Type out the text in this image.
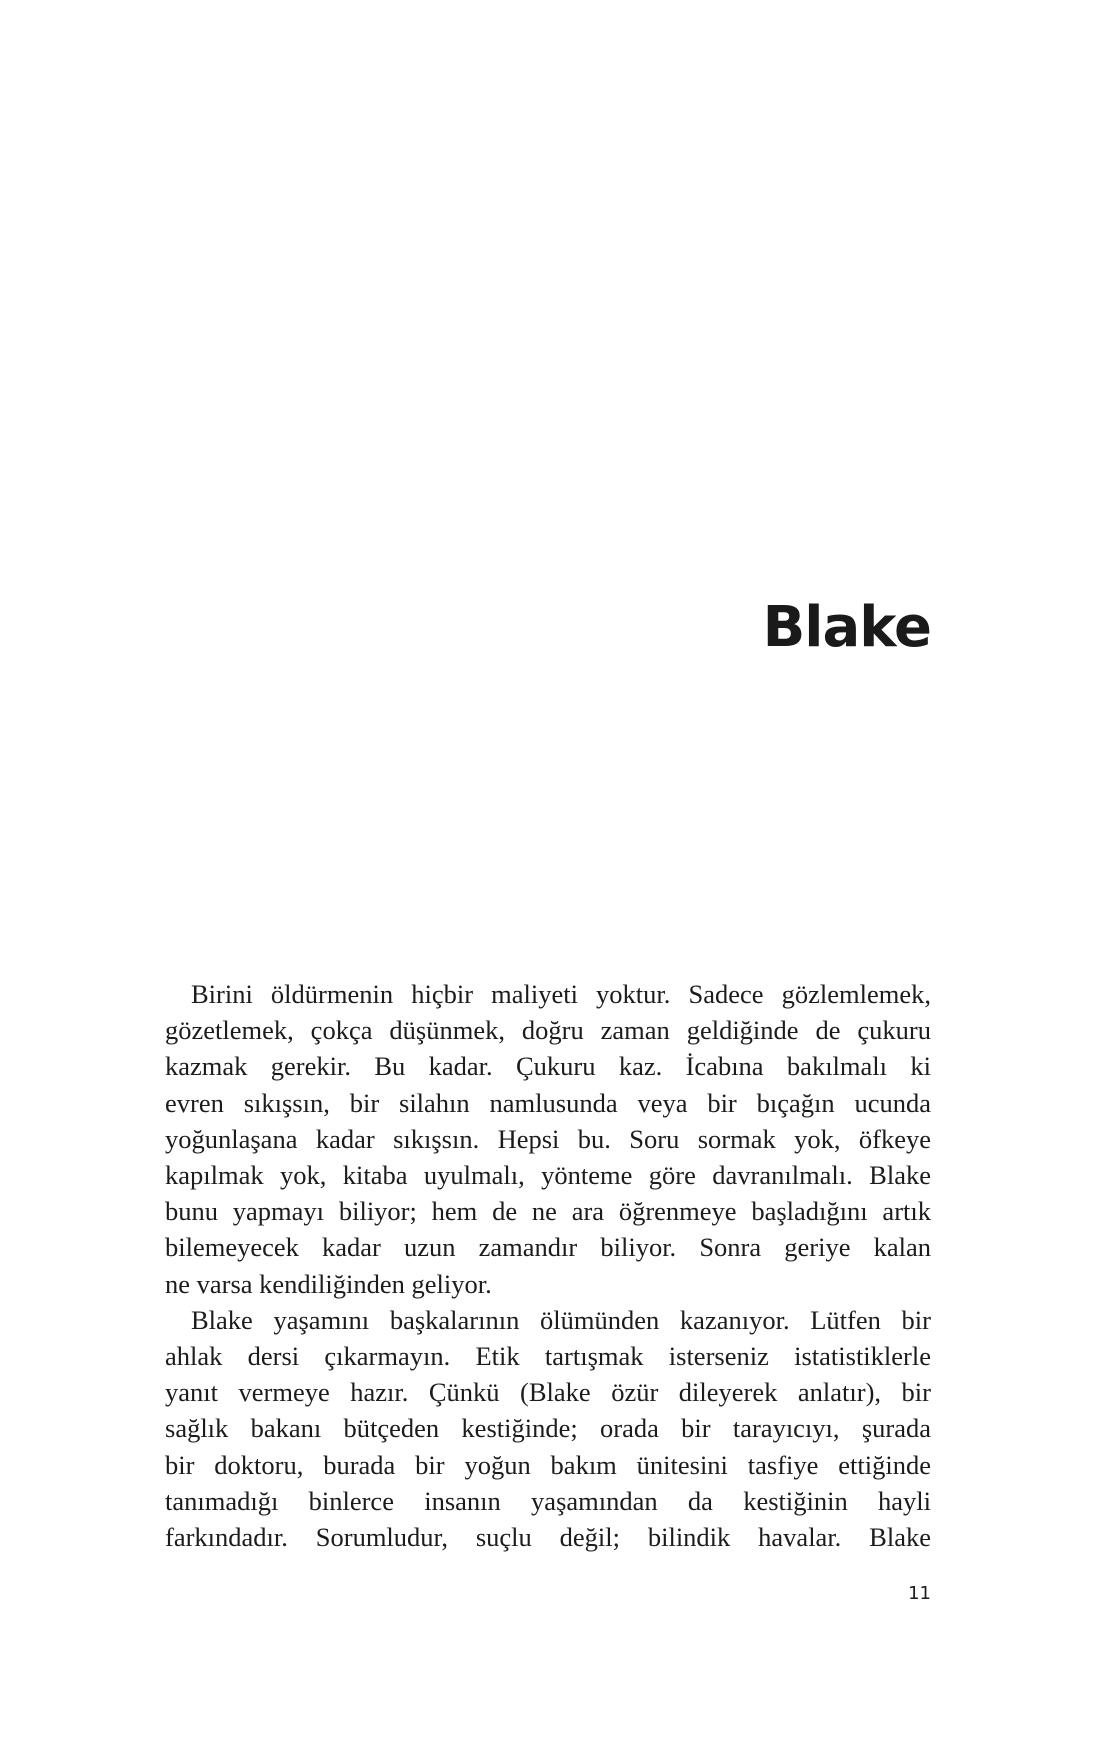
Blake
Birini öldürmenin hiçbir maliyeti yoktur. Sadece gözlemlemek,
gözetlemek, çokça düşünmek, doğru zaman geldiğinde de çukuru
kazmak gerekir. Bu kadar. Çukuru kaz. İcabına bakılmalı ki
evren sıkışsın, bir silahın namlusunda veya bir bıçağın ucunda
yoğunlaşana kadar sıkışsın. Hepsi bu. Soru sormak yok, öfkeye
kapılmak yok, kitaba uyulmalı, yönteme göre davranılmalı. Blake
bunu yapmayı biliyor; hem de ne ara öğrenmeye başladığını artık
bilemeyecek kadar uzun zamandır biliyor. Sonra geriye kalan
ne varsa kendiliğinden geliyor.
Blake yaşamını başkalarının ölümünden kazanıyor. Lütfen bir
ahlak dersi çıkarmayın. Etik tartışmak isterseniz istatistiklerle
yanıt vermeye hazır. Çünkü (Blake özür dileyerek anlatır), bir
sağlık bakanı bütçeden kestiğinde; orada bir tarayıcıyı, şurada
bir doktoru, burada bir yoğun bakım ünitesini tasfiye ettiğinde
tanımadığı binlerce insanın yaşamından da kestiğinin hayli
farkındadır. Sorumludur, suçlu değil; bilindik havalar. Blake

11
